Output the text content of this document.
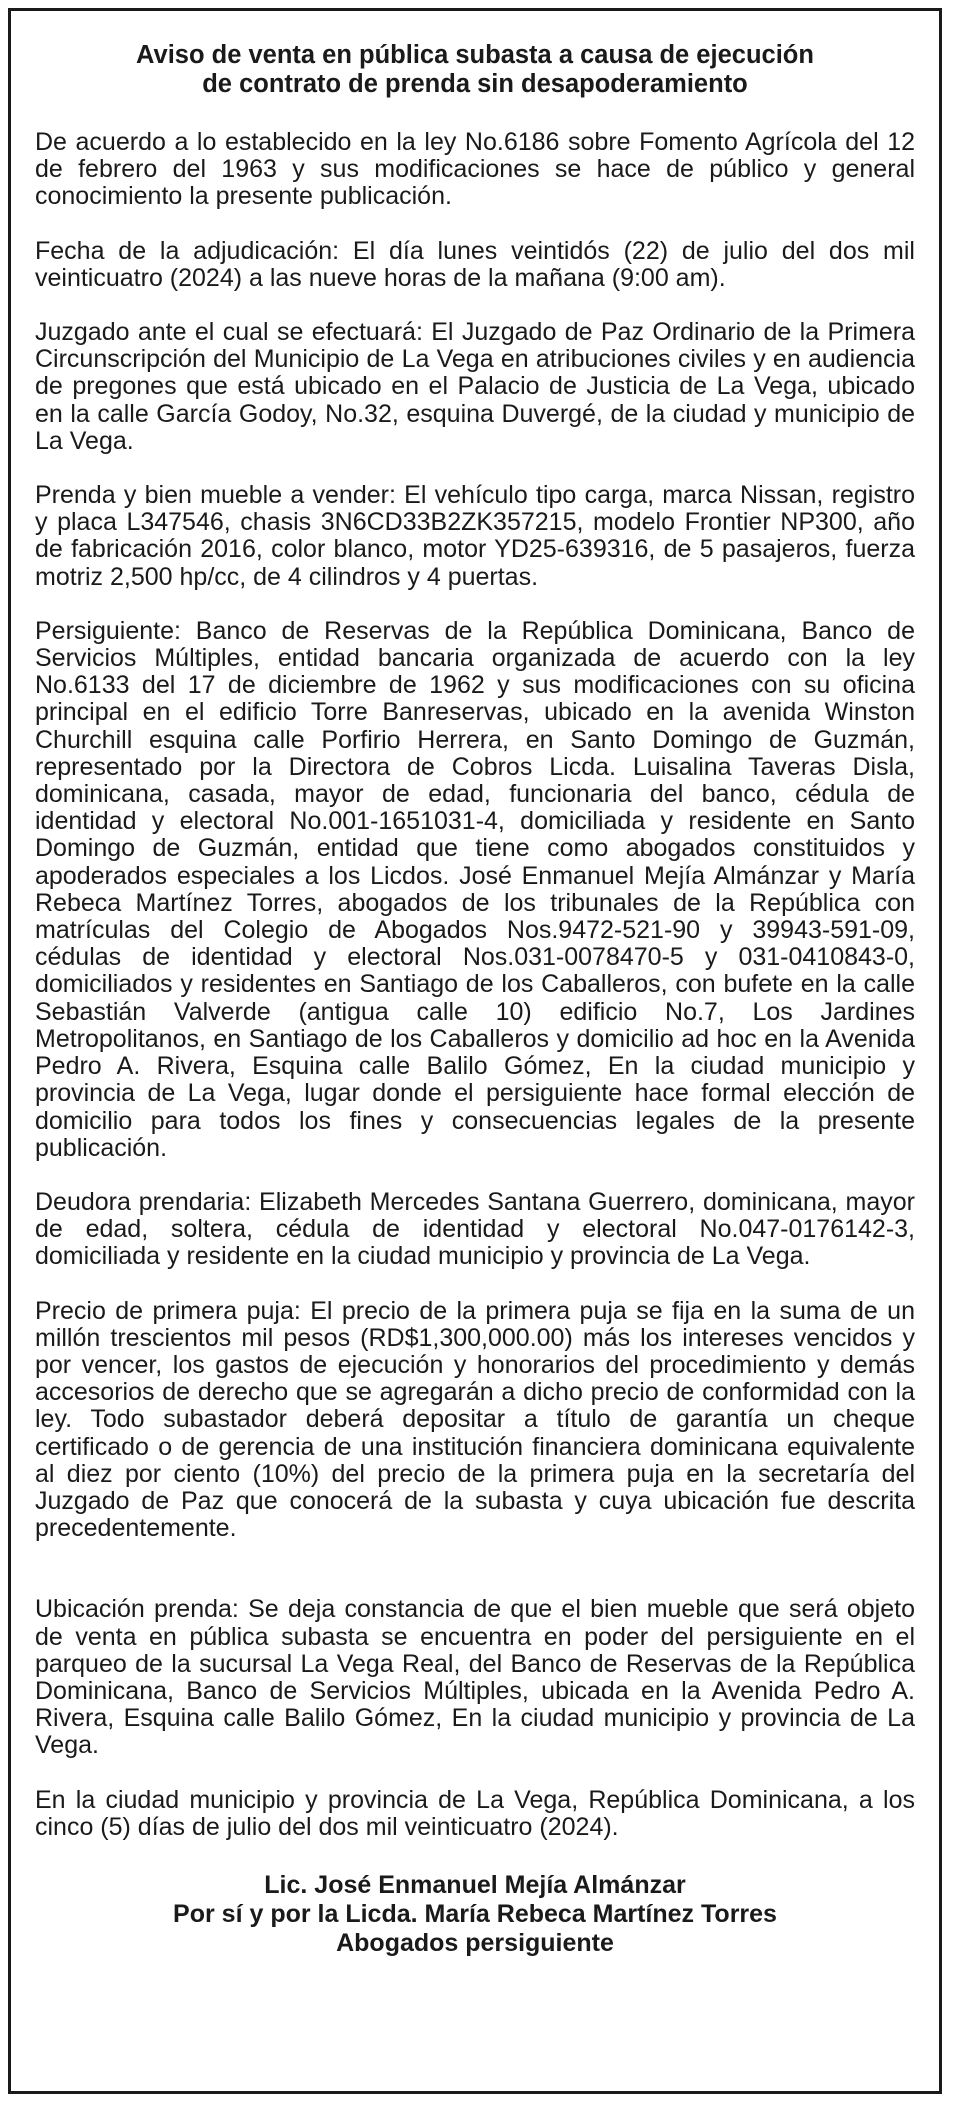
Aviso de venta en pública subasta a causa de ejecución
de contrato de prenda sin desapoderamiento

De acuerdo a lo establecido en la ley No.6186 sobre Fomento Agrícola del 12 de febrero del 1963 y sus modificaciones se hace de público y general conocimiento la presente publicación.

Fecha de la adjudicación: El día lunes veintidós (22) de julio del dos mil veinticuatro (2024) a las nueve horas de la mañana (9:00 am).

Juzgado ante el cual se efectuará: El Juzgado de Paz Ordinario de la Primera Circunscripción del Municipio de La Vega en atribuciones civiles y en audiencia de pregones que está ubicado en el Palacio de Justicia de La Vega, ubicado en la calle García Godoy, No.32, esquina Duvergé, de la ciudad y municipio de La Vega.

Prenda y bien mueble a vender: El vehículo tipo carga, marca Nissan, registro y placa L347546, chasis 3N6CD33B2ZK357215, modelo Frontier NP300, año de fabricación 2016, color blanco, motor YD25-639316, de 5 pasajeros, fuerza motriz 2,500 hp/cc, de 4 cilindros y 4 puertas.

Persiguiente: Banco de Reservas de la República Dominicana, Banco de Servicios Múltiples, entidad bancaria organizada de acuerdo con la ley No.6133 del 17 de diciembre de 1962 y sus modificaciones con su oficina principal en el edificio Torre Banreservas, ubicado en la avenida Winston Churchill esquina calle Porfirio Herrera, en Santo Domingo de Guzmán, representado por la Directora de Cobros Licda. Luisalina Taveras Disla, dominicana, casada, mayor de edad, funcionaria del banco, cédula de identidad y electoral No.001-1651031-4, domiciliada y residente en Santo Domingo de Guzmán, entidad que tiene como abogados constituidos y apoderados especiales a los Licdos. José Enmanuel Mejía Almánzar y María Rebeca Martínez Torres, abogados de los tribunales de la República con matrículas del Colegio de Abogados Nos.9472-521-90 y 39943-591-09, cédulas de identidad y electoral Nos.031-0078470-5 y 031-0410843-0, domiciliados y residentes en Santiago de los Caballeros, con bufete en la calle Sebastián Valverde (antigua calle 10) edificio No.7, Los Jardines Metropolitanos, en Santiago de los Caballeros y domicilio ad hoc en la Avenida Pedro A. Rivera, Esquina calle Balilo Gómez, En la ciudad municipio y provincia de La Vega, lugar donde el persiguiente hace formal elección de domicilio para todos los fines y consecuencias legales de la presente publicación.

Deudora prendaria: Elizabeth Mercedes Santana Guerrero, dominicana, mayor de edad, soltera, cédula de identidad y electoral No.047-0176142-3, domiciliada y residente en la ciudad municipio y provincia de La Vega.

Precio de primera puja: El precio de la primera puja se fija en la suma de un millón trescientos mil pesos (RD$1,300,000.00) más los intereses vencidos y por vencer, los gastos de ejecución y honorarios del procedimiento y demás accesorios de derecho que se agregarán a dicho precio de conformidad con la ley. Todo subastador deberá depositar a título de garantía un cheque certificado o de gerencia de una institución financiera dominicana equivalente al diez por ciento (10%) del precio de la primera puja en la secretaría del Juzgado de Paz que conocerá de la subasta y cuya ubicación fue descrita precedentemente.

Ubicación prenda: Se deja constancia de que el bien mueble que será objeto de venta en pública subasta se encuentra en poder del persiguiente en el parqueo de la sucursal La Vega Real, del Banco de Reservas de la República Dominicana, Banco de Servicios Múltiples, ubicada en la Avenida Pedro A. Rivera, Esquina calle Balilo Gómez, En la ciudad municipio y provincia de La Vega.

En la ciudad municipio y provincia de La Vega, República Dominicana, a los cinco (5) días de julio del dos mil veinticuatro (2024).

Lic. José Enmanuel Mejía Almánzar
Por sí y por la Licda. María Rebeca Martínez Torres
Abogados persiguiente
